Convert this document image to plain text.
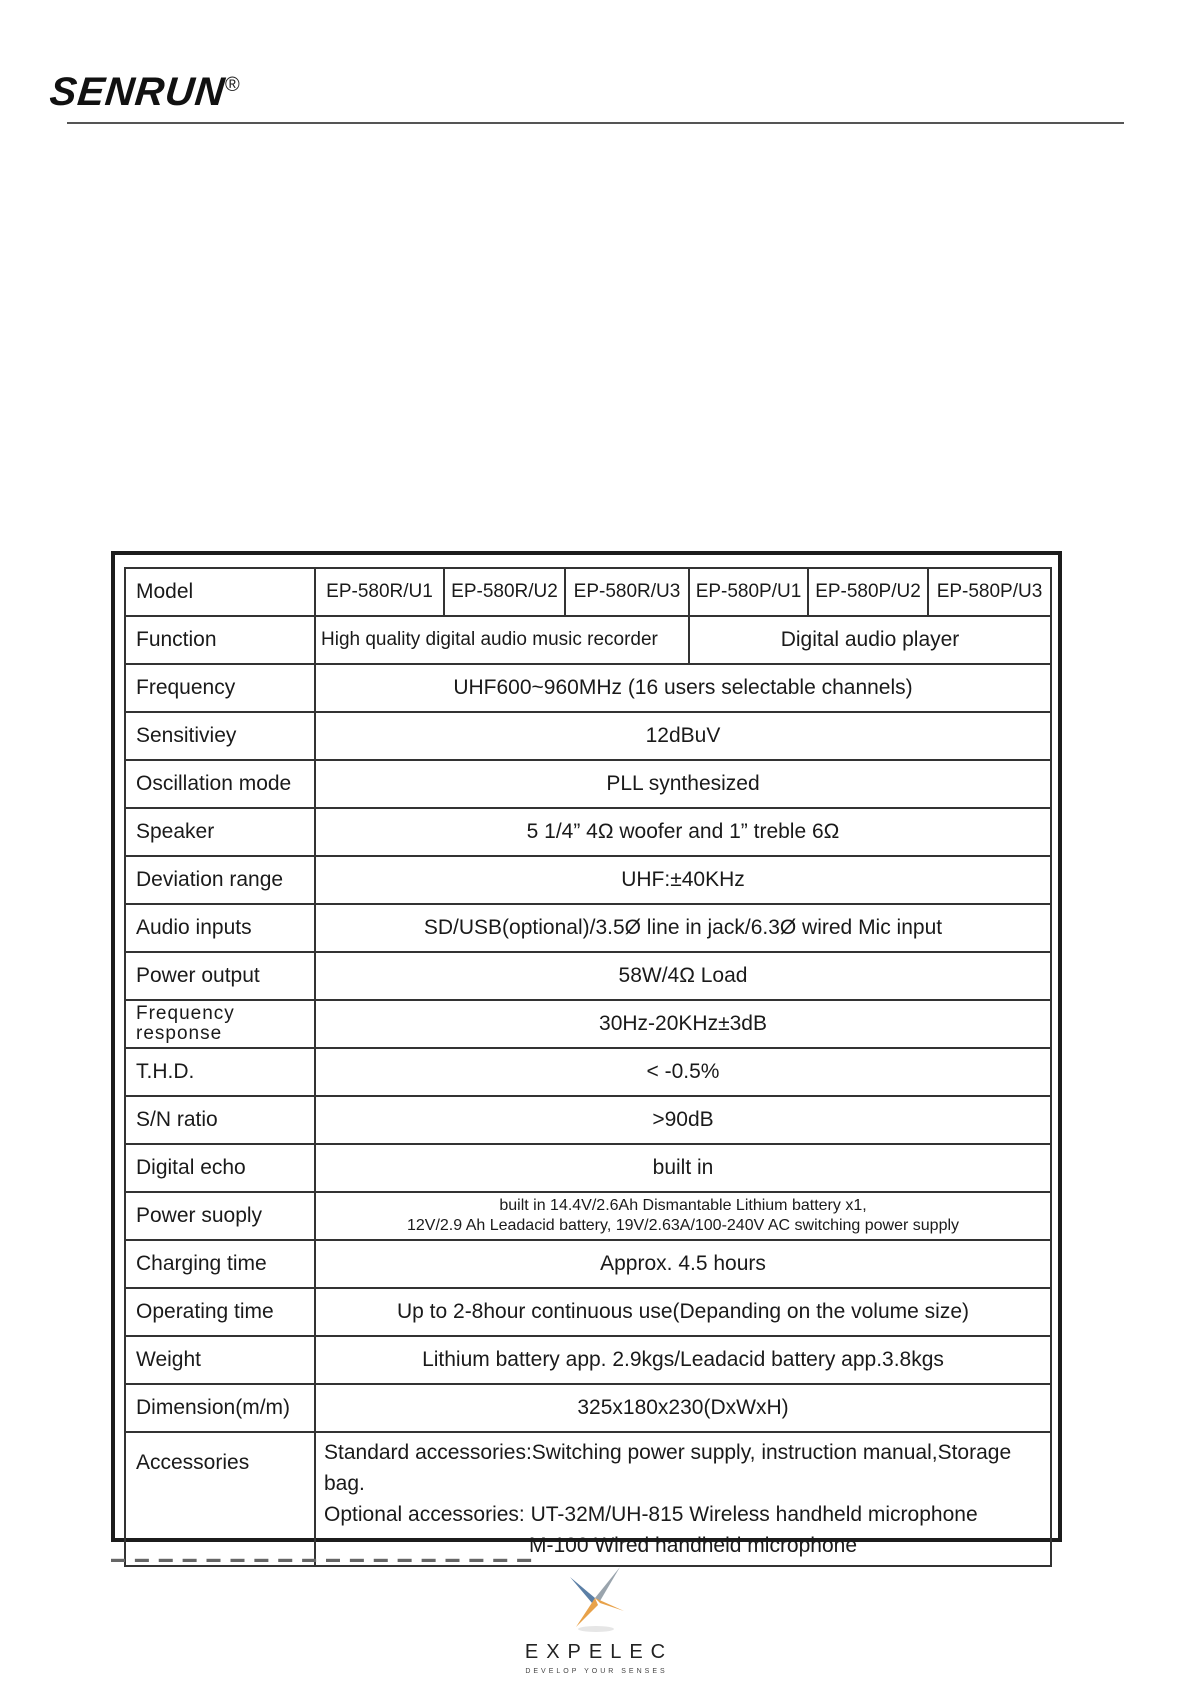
SENRUN
®
Model	EP-580R/U1	EP-580R/U2	EP-580R/U3	EP-580P/U1	EP-580P/U2	EP-580P/U3
Function	High quality digital audio music recorder			Digital audio player		
Frequency	UHF600~960MHz (16 users selectable channels)					
Sensitiviey	12dBuV					
Oscillation mode	PLL synthesized					
Speaker	5 1/4” 4Ω woofer and 1” treble 6Ω					
Deviation range	UHF:±40KHz					
Audio inputs	SD/USB(optional)/3.5Ø line in jack/6.3Ø wired Mic input					
Power output	58W/4Ω Load					

Frequency
response	30Hz-20KHz±3dB					
T.H.D.	< -0.5%					
S/N ratio	>90dB					
Digital echo	built in					
Power suoply	built in 14.4V/2.6Ah Dismantable Lithium battery x1,
12V/2.9 Ah Leadacid battery, 19V/2.63A/100-240V AC switching power supply					

Charging time	Approx. 4.5 hours					
Operating time	Up to 2-8hour continuous use(Depanding on the volume size)					
Weight	Lithium battery app. 2.9kgs/Leadacid battery app.3.8kgs					
Dimension(m/m)	325x180x230(DxWxH)					
Accessories	Standard accessories:Switching power supply, instruction manual,Storage bag.
Optional accessories: UT-32M/UH-815 Wireless handheld microphone
M-100 Wired handheld microphone					
▬ ▬ ▬ ▬ ▬ ▬ ▬ ▬ ▬ ▬ ▬ ▬ ▬ ▬ ▬ ▬ ▬ ▬
EXPELEC
DEVELOP YOUR SENSES
